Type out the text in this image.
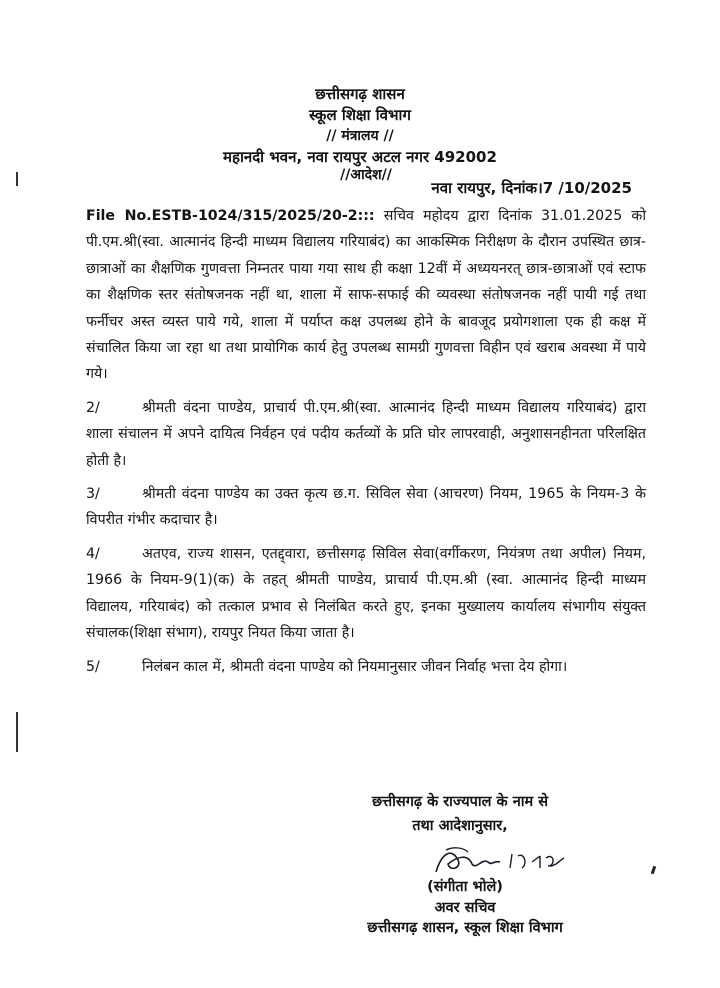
छत्तीसगढ़ शासन
स्कूल शिक्षा विभाग
// मंत्रालय //
महानदी भवन, नवा रायपुर अटल नगर 492002
//आदेश//
नवा रायपुर, दिनांक।7 /10/2025

File No.ESTB-1024/315/2025/20-2::: सचिव महोदय द्वारा दिनांक 31.01.2025 को पी.एम.श्री(स्वा. आत्मानंद हिन्दी माध्यम विद्यालय गरियाबंद) का आकस्मिक निरीक्षण के दौरान उपस्थित छात्र-छात्राओं का शैक्षणिक गुणवत्ता निम्नतर पाया गया साथ ही कक्षा 12वीं में अध्ययनरत् छात्र-छात्राओं एवं स्टाफ का शैक्षणिक स्तर संतोषजनक नहीं था, शाला में साफ-सफाई की व्यवस्था संतोषजनक नहीं पायी गई तथा फर्नीचर अस्त व्यस्त पाये गये, शाला में पर्याप्त कक्ष उपलब्ध होने के बावजूद प्रयोगशाला एक ही कक्ष में संचालित किया जा रहा था तथा प्रायोगिक कार्य हेतु उपलब्ध सामग्री गुणवत्ता विहीन एवं खराब अवस्था में पाये गये।

2/	श्रीमती वंदना पाण्डेय, प्राचार्य पी.एम.श्री(स्वा. आत्मानंद हिन्दी माध्यम विद्यालय गरियाबंद) द्वारा शाला संचालन में अपने दायित्व निर्वहन एवं पदीय कर्तव्यों के प्रति घोर लापरवाही, अनुशासनहीनता परिलक्षित होती है।

3/	श्रीमती वंदना पाण्डेय का उक्त कृत्य छ.ग. सिविल सेवा (आचरण) नियम, 1965 के नियम-3 के विपरीत गंभीर कदाचार है।

4/	अतएव, राज्य शासन, एतद्द्वारा, छत्तीसगढ़ सिविल सेवा(वर्गीकरण, नियंत्रण तथा अपील) नियम, 1966 के नियम-9(1)(क) के तहत् श्रीमती पाण्डेय, प्राचार्य पी.एम.श्री (स्वा. आत्मानंद हिन्दी माध्यम विद्यालय, गरियाबंद) को तत्काल प्रभाव से निलंबित करते हुए, इनका मुख्यालय कार्यालय संभागीय संयुक्त संचालक(शिक्षा संभाग), रायपुर नियत किया जाता है।

5/	निलंबन काल में, श्रीमती वंदना पाण्डेय को नियमानुसार जीवन निर्वाह भत्ता देय होगा।

छत्तीसगढ़ के राज्यपाल के नाम से
तथा आदेशानुसार,
(संगीता भोले)
अवर सचिव
छत्तीसगढ़ शासन, स्कूल शिक्षा विभाग
